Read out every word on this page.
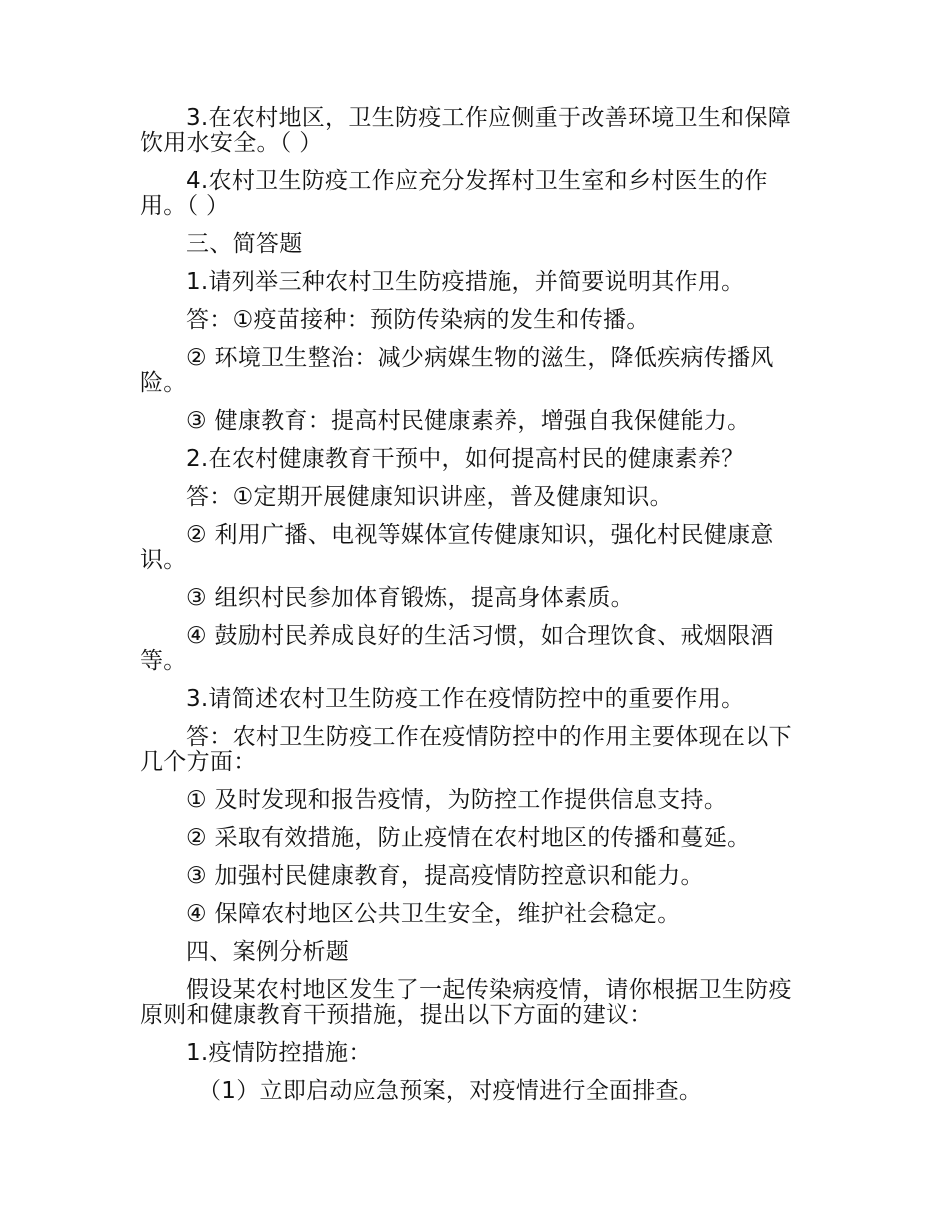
3.在农村地区，卫生防疫工作应侧重于改善环境卫生和保障饮用水安全。（ ）

4.农村卫生防疫工作应充分发挥村卫生室和乡村医生的作用。（ ）

三、简答题

1.请列举三种农村卫生防疫措施，并简要说明其作用。

答：①疫苗接种：预防传染病的发生和传播。

② 环境卫生整治：减少病媒生物的滋生，降低疾病传播风险。

③ 健康教育：提高村民健康素养，增强自我保健能力。

2.在农村健康教育干预中，如何提高村民的健康素养？

答：①定期开展健康知识讲座，普及健康知识。

② 利用广播、电视等媒体宣传健康知识，强化村民健康意识。

③ 组织村民参加体育锻炼，提高身体素质。

④ 鼓励村民养成良好的生活习惯，如合理饮食、戒烟限酒等。

3.请简述农村卫生防疫工作在疫情防控中的重要作用。

答：农村卫生防疫工作在疫情防控中的作用主要体现在以下几个方面：

① 及时发现和报告疫情，为防控工作提供信息支持。

② 采取有效措施，防止疫情在农村地区的传播和蔓延。

③ 加强村民健康教育，提高疫情防控意识和能力。

④ 保障农村地区公共卫生安全，维护社会稳定。

四、案例分析题

假设某农村地区发生了一起传染病疫情，请你根据卫生防疫原则和健康教育干预措施，提出以下方面的建议：

1.疫情防控措施：

（1）立即启动应急预案，对疫情进行全面排查。
